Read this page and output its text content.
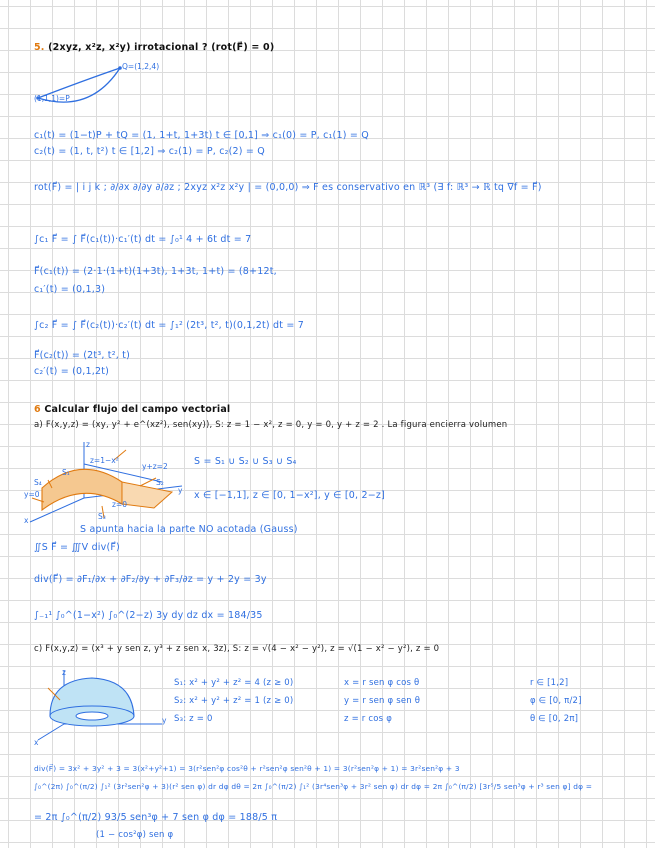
5. (2xyz, x²z, x²y) irrotacional ? (rot(F⃗) = 0)
Q=(1,2,4)
(1,1,1)=P
c₁(t) = (1−t)P + tQ = (1, 1+t, 1+3t) t ∈ [0,1] ⇒ c₁(0) = P, c₁(1) = Q
c₂(t) = (1, t, t²) t ∈ [1,2] ⇒ c₂(1) = P, c₂(2) = Q
rot(F⃗) = | i j k ; ∂/∂x ∂/∂y ∂/∂z ; 2xyz x²z x²y | = (0,0,0) ⇒ F es conservativo en ℝ³ (∃ f: ℝ³ → ℝ tq ∇f = F⃗)
∫c₁ F⃗ = ∫ F⃗(c₁(t))·c₁′(t) dt = ∫₀¹ 4 + 6t dt = 7
F⃗(c₁(t)) = (2·1·(1+t)(1+3t), 1+3t, 1+t) = (8+12t,
c₁′(t) = (0,1,3)
∫c₂ F⃗ = ∫ F⃗(c₂(t))·c₂′(t) dt = ∫₁² (2t³, t², t)(0,1,2t) dt = 7
F⃗(c₂(t)) = (2t³, t², t)
c₂′(t) = (0,1,2t)
6 Calcular flujo del campo vectorial
a) F(x,y,z) = (xy, y² + e^(xz²), sen(xy)), S: z = 1 − x², z = 0, y = 0, y + z = 2 . La figura encierra volumen
z
y
x
z=1−x²
y+z=2
y=0
z=0
S₁
S₂
S₃
S₄
S = S₁ ∪ S₂ ∪ S₃ ∪ S₄
x ∈ [−1,1], z ∈ [0, 1−x²], y ∈ [0, 2−z]
S apunta hacia la parte NO acotada (Gauss)
∬S F⃗ = ∭V div(F⃗)
div(F⃗) = ∂F₁/∂x + ∂F₂/∂y + ∂F₃/∂z = y + 2y = 3y
∫₋₁¹ ∫₀^(1−x²) ∫₀^(2−z) 3y dy dz dx = 184/35
c) F(x,y,z) = (x³ + y sen z, y³ + z sen x, 3z), S: z = √(4 − x² − y²), z = √(1 − x² − y²), z = 0
z
y
x
S₁: x² + y² + z² = 4 (z ≥ 0)
S₂: x² + y² + z² = 1 (z ≥ 0)
S₃: z = 0
x = r sen φ cos θ
y = r sen φ sen θ
z = r cos φ
r ∈ [1,2]
φ ∈ [0, π/2]
θ ∈ [0, 2π]
div(F⃗) = 3x² + 3y² + 3 = 3(x²+y²+1) = 3(r²sen²φ cos²θ + r²sen²φ sen²θ + 1) = 3(r²sen²φ + 1) = 3r²sen²φ + 3
∫₀^(2π) ∫₀^(π/2) ∫₁² (3r²sen²φ + 3)(r² sen φ) dr dφ dθ = 2π ∫₀^(π/2) ∫₁² (3r⁴sen³φ + 3r² sen φ) dr dφ = 2π ∫₀^(π/2) [3r⁵/5 sen³φ + r³ sen φ] dφ =
= 2π ∫₀^(π/2) 93/5 sen³φ + 7 sen φ dφ = 188/5 π
(1 − cos²φ) sen φ
